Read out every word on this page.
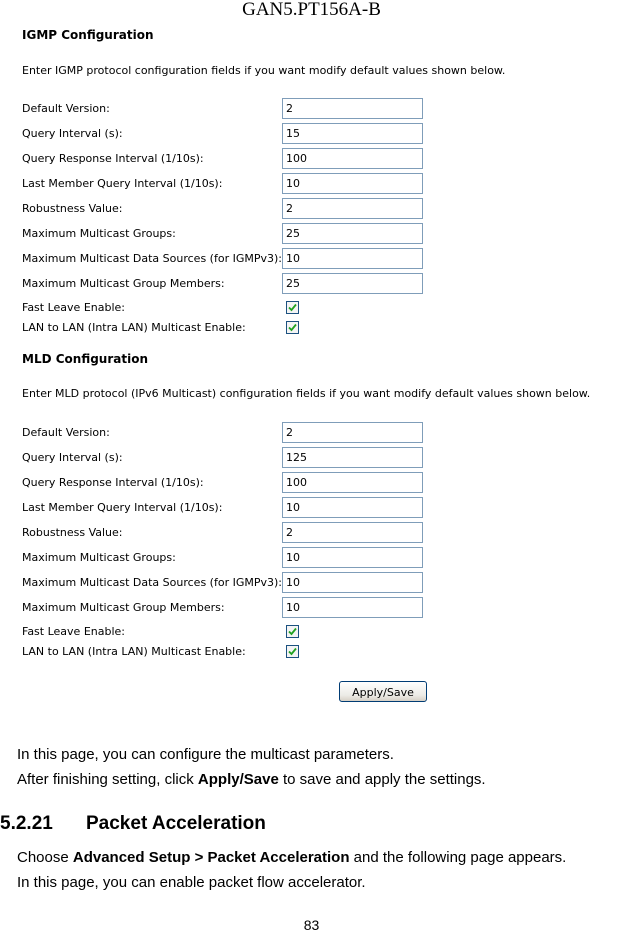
GAN5.PT156A-B
IGMP Configuration
Enter IGMP protocol configuration fields if you want modify default values shown below.
Default Version:	2
Query Interval (s):	15
Query Response Interval (1/10s):	100
Last Member Query Interval (1/10s):	10
Robustness Value:	2
Maximum Multicast Groups:	25
Maximum Multicast Data Sources (for IGMPv3): 10
Maximum Multicast Group Members:	25
Fast Leave Enable:
LAN to LAN (Intra LAN) Multicast Enable:
MLD Configuration
Enter MLD protocol (IPv6 Multicast) configuration fields if you want modify default values shown below.
Default Version:	2
Query Interval (s):	125
Query Response Interval (1/10s):	100
Last Member Query Interval (1/10s):	10
Robustness Value:	2
Maximum Multicast Groups:	10
Maximum Multicast Data Sources (for IGMPv3): 10
Maximum Multicast Group Members:	10
Fast Leave Enable:
LAN to LAN (Intra LAN) Multicast Enable:
Apply/Save
In this page, you can configure the multicast parameters.
After finishing setting, click Apply/Save to save and apply the settings.
5.2.21 Packet Acceleration
Choose Advanced Setup > Packet Acceleration and the following page appears.
In this page, you can enable packet flow accelerator.
83
